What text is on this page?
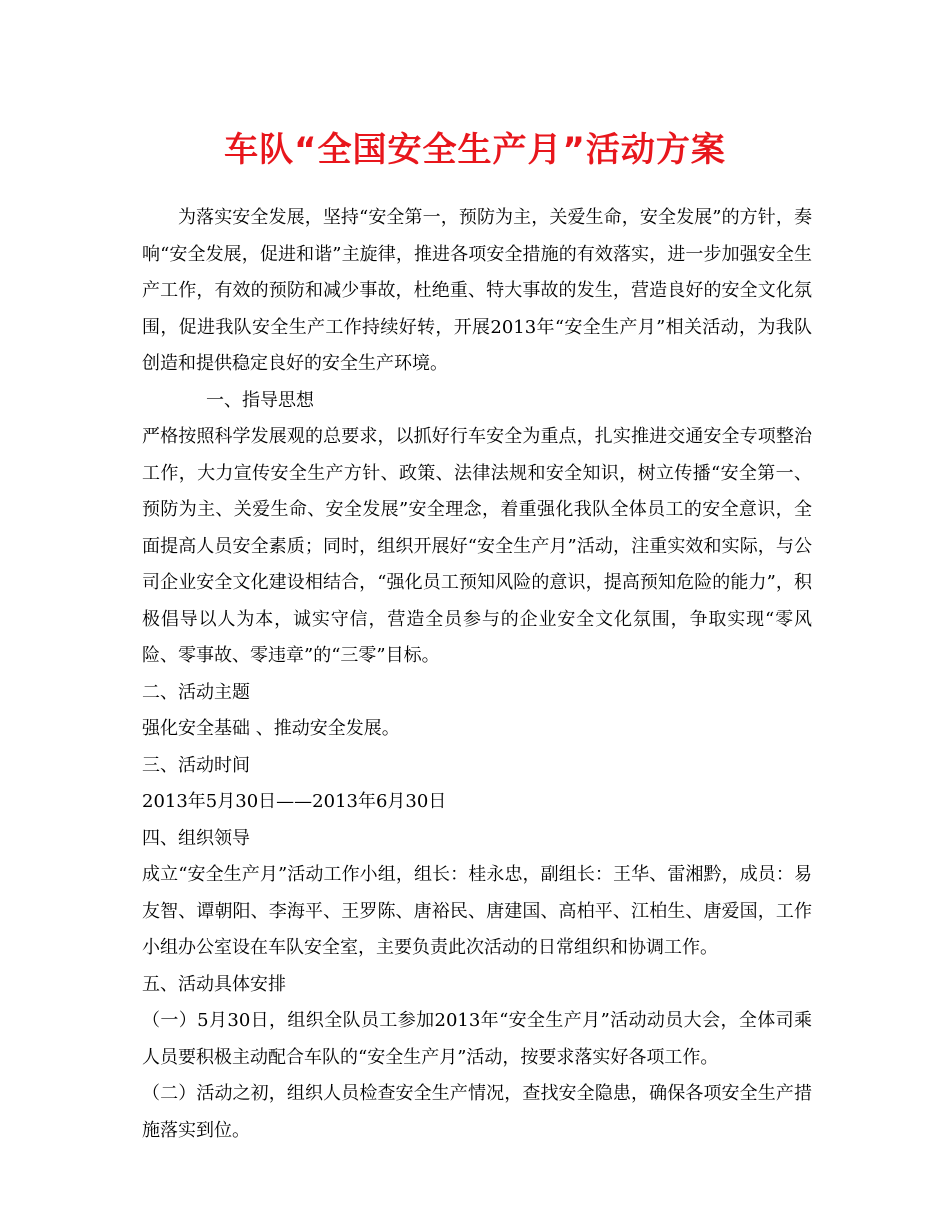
车队“全国安全生产月”活动方案

为落实安全发展，坚持“安全第一，预防为主，关爱生命，安全发展”的方针，奏响“安全发展，促进和谐”主旋律，推进各项安全措施的有效落实，进一步加强安全生产工作，有效的预防和减少事故，杜绝重、特大事故的发生，营造良好的安全文化氛围，促进我队安全生产工作持续好转，开展2013年“安全生产月”相关活动，为我队创造和提供稳定良好的安全生产环境。

一、指导思想

严格按照科学发展观的总要求，以抓好行车安全为重点，扎实推进交通安全专项整治工作，大力宣传安全生产方针、政策、法律法规和安全知识，树立传播“安全第一、预防为主、关爱生命、安全发展”安全理念，着重强化我队全体员工的安全意识，全面提高人员安全素质；同时，组织开展好“安全生产月”活动，注重实效和实际，与公司企业安全文化建设相结合，“强化员工预知风险的意识，提高预知危险的能力”，积极倡导以人为本，诚实守信，营造全员参与的企业安全文化氛围，争取实现“零风险、零事故、零违章”的“三零”目标。

二、活动主题

强化安全基础 、推动安全发展。

三、活动时间

2013年5月30日——2013年6月30日

四、组织领导

成立“安全生产月”活动工作小组，组长：桂永忠，副组长：王华、雷湘黔，成员：易友智、谭朝阳、李海平、王罗陈、唐裕民、唐建国、高柏平、江柏生、唐爱国，工作小组办公室设在车队安全室，主要负责此次活动的日常组织和协调工作。

五、活动具体安排

（一）5月30日，组织全队员工参加2013年“安全生产月”活动动员大会，全体司乘人员要积极主动配合车队的“安全生产月”活动，按要求落实好各项工作。

（二）活动之初，组织人员检查安全生产情况，查找安全隐患，确保各项安全生产措施落实到位。
